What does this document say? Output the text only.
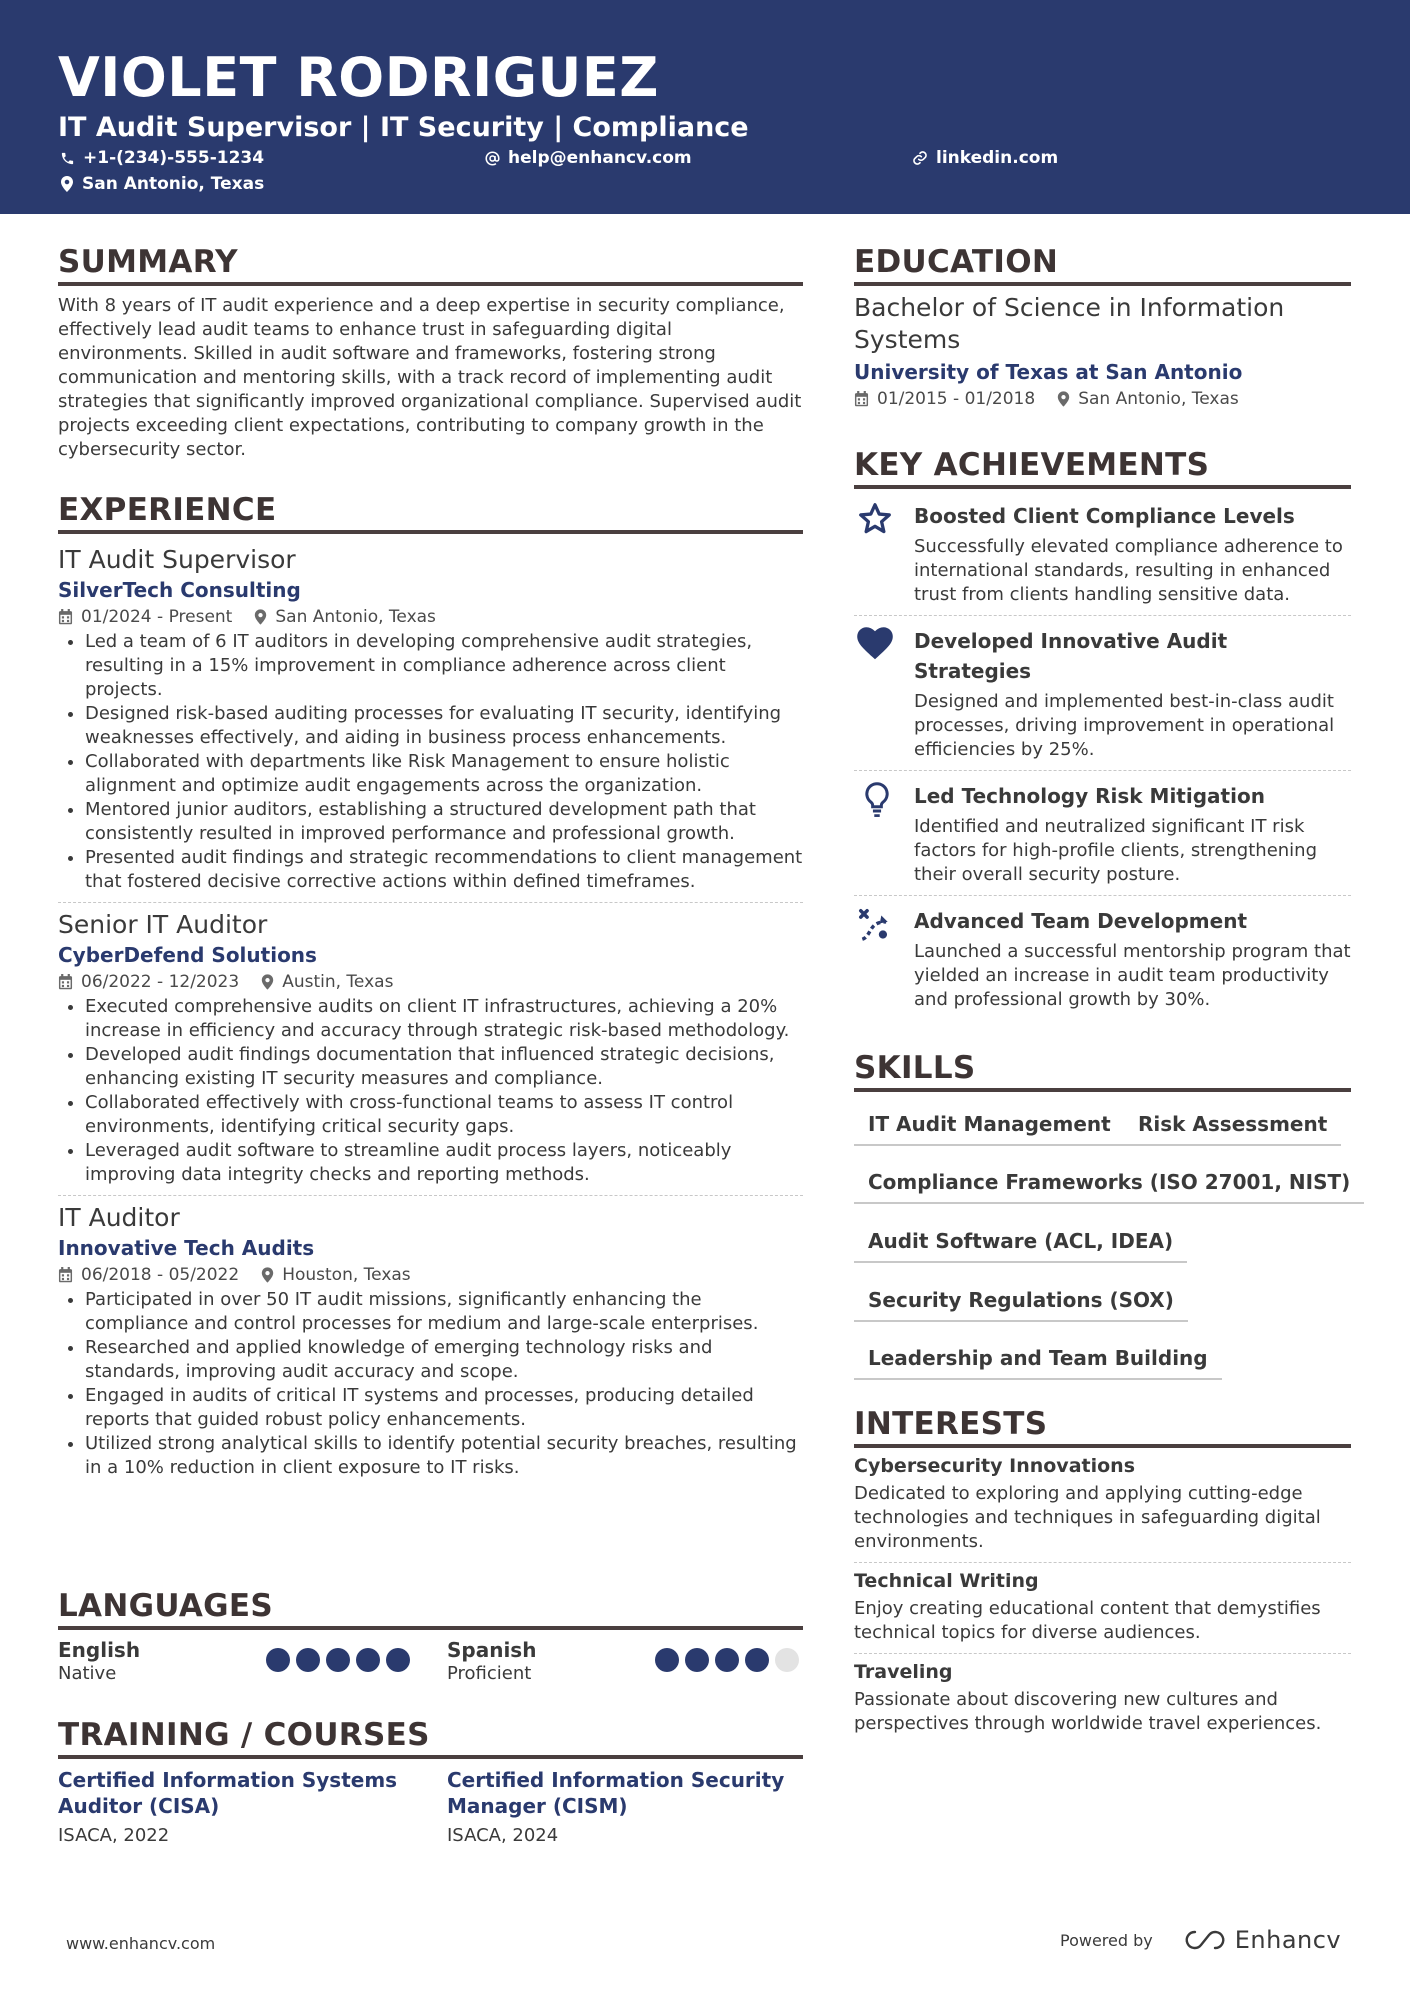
VIOLET RODRIGUEZ
IT Audit Supervisor | IT Security | Compliance
+1-(234)-555-1234	help@enhancv.com	linkedin.com
San Antonio, Texas
SUMMARY
With 8 years of IT audit experience and a deep expertise in security compliance, effectively lead audit teams to enhance trust in safeguarding digital environments. Skilled in audit software and frameworks, fostering strong communication and mentoring skills, with a track record of implementing audit strategies that significantly improved organizational compliance. Supervised audit projects exceeding client expectations, contributing to company growth in the cybersecurity sector.
EXPERIENCE
IT Audit Supervisor
SilverTech Consulting
01/2024 - Present	San Antonio, Texas
• Led a team of 6 IT auditors in developing comprehensive audit strategies, resulting in a 15% improvement in compliance adherence across client projects.
• Designed risk-based auditing processes for evaluating IT security, identifying weaknesses effectively, and aiding in business process enhancements.
• Collaborated with departments like Risk Management to ensure holistic alignment and optimize audit engagements across the organization.
• Mentored junior auditors, establishing a structured development path that consistently resulted in improved performance and professional growth.
• Presented audit findings and strategic recommendations to client management that fostered decisive corrective actions within defined timeframes.
Senior IT Auditor
CyberDefend Solutions
06/2022 - 12/2023	Austin, Texas
• Executed comprehensive audits on client IT infrastructures, achieving a 20% increase in efficiency and accuracy through strategic risk-based methodology.
• Developed audit findings documentation that influenced strategic decisions, enhancing existing IT security measures and compliance.
• Collaborated effectively with cross-functional teams to assess IT control environments, identifying critical security gaps.
• Leveraged audit software to streamline audit process layers, noticeably improving data integrity checks and reporting methods.
IT Auditor
Innovative Tech Audits
06/2018 - 05/2022	Houston, Texas
• Participated in over 50 IT audit missions, significantly enhancing the compliance and control processes for medium and large-scale enterprises.
• Researched and applied knowledge of emerging technology risks and standards, improving audit accuracy and scope.
• Engaged in audits of critical IT systems and processes, producing detailed reports that guided robust policy enhancements.
• Utilized strong analytical skills to identify potential security breaches, resulting in a 10% reduction in client exposure to IT risks.
LANGUAGES
English
Native
Spanish
Proficient
TRAINING / COURSES
Certified Information Systems Auditor (CISA)
ISACA, 2022
Certified Information Security Manager (CISM)
ISACA, 2024
EDUCATION
Bachelor of Science in Information Systems
University of Texas at San Antonio
01/2015 - 01/2018	San Antonio, Texas
KEY ACHIEVEMENTS
Boosted Client Compliance Levels
Successfully elevated compliance adherence to international standards, resulting in enhanced trust from clients handling sensitive data.
Developed Innovative Audit Strategies
Designed and implemented best-in-class audit processes, driving improvement in operational efficiencies by 25%.
Led Technology Risk Mitigation
Identified and neutralized significant IT risk factors for high-profile clients, strengthening their overall security posture.
Advanced Team Development
Launched a successful mentorship program that yielded an increase in audit team productivity and professional growth by 30%.
SKILLS
IT Audit Management	Risk Assessment
Compliance Frameworks (ISO 27001, NIST)
Audit Software (ACL, IDEA)
Security Regulations (SOX)
Leadership and Team Building
INTERESTS
Cybersecurity Innovations
Dedicated to exploring and applying cutting-edge technologies and techniques in safeguarding digital environments.
Technical Writing
Enjoy creating educational content that demystifies technical topics for diverse audiences.
Traveling
Passionate about discovering new cultures and perspectives through worldwide travel experiences.
www.enhancv.com	Powered by	Enhancv
